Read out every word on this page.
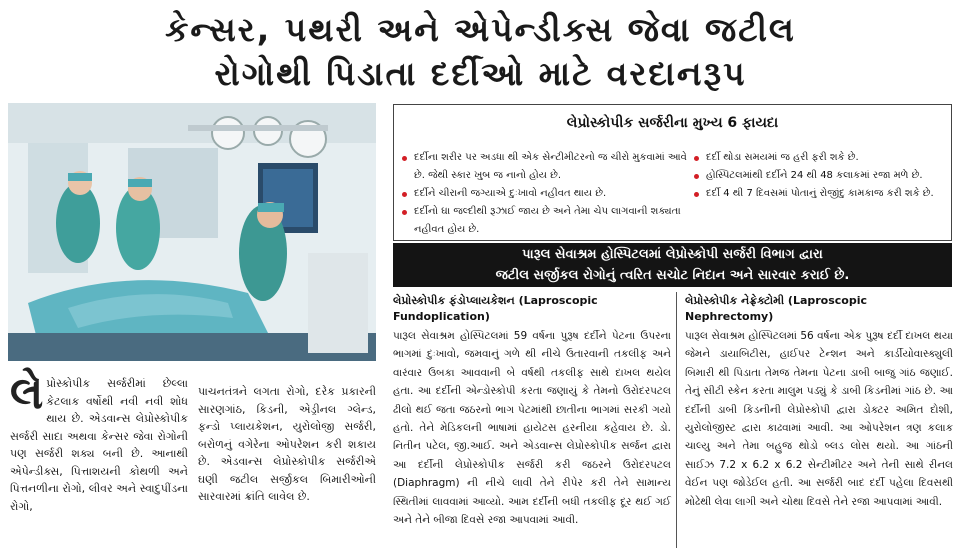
કેન્સર, પથરી અને એપેન્ડીક્સ જેવા જટીલ
રોગોથી પિડાતા દર્દીઓ માટે વરદાનરૂપ
લેપ્રોસ્કોપીક સર્જરીના મુખ્ય 6 ફાયદા
દર્દીના શરીર પર અડધા થી એક સેન્ટીમીટરનો જ ચીરો મુકવામાં આવે છે. જેથી સ્કાર ખુબ જ નાનો હોય છે.
દર્દીને ચીરાની જગ્યાએ દુઃખાવો નહીવત થાય છે.
દર્દીનો ઘા જલ્દીથી રૂઝાઈ જાય છે અને તેમા ચેપ લાગવાની શક્યતા નહીવત હોય છે.
દર્દી થોડા સમયમાં જ હરી ફરી શકે છે.
હોસ્પિટલમાંથી દર્દીને 24 થી 48 કલાકમાં રજા મળે છે.
દર્દી 4 થી 7 દિવસમાં પોતાનું રોજીંદુ કામકાજ કરી શકે છે.
પારૂલ સેવાશ્રમ હોસ્પિટલમાં લેપ્રોસ્કોપી સર્જરી વિભાગ દ્વારા
જટીલ સર્જીકલ રોગોનું ત્વરિત સચોટ નિદાન અને સારવાર કરાઈ છે.
લેપ્રોસ્કોપીક ફંડોપ્લાયકેશન (Laproscopic Fundoplication)
પારૂલ સેવાશ્રમ હોસ્પિટલમાં 59 વર્ષના પુરૂષ દર્દીને પેટના ઉપરના ભાગમાં દુઃખાવો, જમવાનું ગળે થી નીચે ઉતારવાની તકલીફ અને વારંવાર ઉબકા આવવાની બે વર્ષથી તકલીફ સાથે દાખલ થયેલ હતા. આ દર્દીની એન્ડોસ્કોપી કરતા જણાયું કે તેમનો ઉરોદરપટલ ઢીલો થઈ જતા જઠરનો ભાગ પેટમાંથી છાતીના ભાગમાં સરકી ગયો હતો. તેને મેડિકલની ભાષામાં હાયેટસ હરનીયા કહેવાય છે. ડો. નિતીન પટેલ, જી.આઈ. અને એડવાન્સ લેપ્રોસ્કોપીક સર્જન દ્વારા આ દર્દીની લેપ્રોસ્કોપીક સર્જરી કરી જઠરને ઉરોદરપટલ (Diaphragm) ની નીચે લાવી તેને રીપેર કરી તેને સામાન્ય સ્થિતીમાં લાવવામાં આવ્યો. આમ દર્દીની બધી તકલીફ દૂર થઈ ગઈ અને તેને બીજા દિવસે રજા આપવામાં આવી.
લેપ્રોસ્કોપીક નેફ્રેક્ટોમી (Laproscopic Nephrectomy)
પારૂલ સેવાશ્રમ હોસ્પિટલમાં 56 વર્ષના એક પુરૂષ દર્દી દાખલ થયા જેમને ડાયાબિટીસ, હાઈપર ટેન્શન અને કાર્ડીયોવાસ્ક્યુલી બિમારી થી પિડાતા તેમજ તેમના પેટના ડાબી બાજુ ગાંઠ જણાઈ. તેનું સીટી સ્કેન કરતા માલુમ પડ્યું કે ડાબી કિડનીમાં ગાંઠ છે. આ દર્દીની ડાબી કિડનીની લેપ્રોસ્કોપી દ્વારા ડોક્ટર અમિત દોશી, યુરોલોજીસ્ટ દ્વારા કાઢવામાં આવી. આ ઓપરેશન ત્રણ કલાક ચાલ્યુ અને તેમા બહુજ થોડો બ્લડ લોસ થયો. આ ગાંઠની સાઈઝ 7.2 x 6.2 x 6.2 સેન્ટીમીટર અને તેની સાથે રીનલ વેઈન પણ જોડેઈલ હતી. આ સર્જરી બાદ દર્દી પહેલા દિવસથી મોઢેથી લેવા લાગી અને ચોથા દિવસે તેને રજા આપવામાં આવી.
લેપ્રોસ્કોપીક સર્જરીમાં છેલ્લા કેટલાક વર્ષોથી નવી નવી શોધ થાય છે. એડવાન્સ લેપ્રોસ્કોપીક સર્જરી સાદા અથવા કેન્સર જેવા રોગોની પણ સર્જરી શક્ય બની છે. આનાથી એપેન્ડીક્સ, પિત્તાશયની કોથળી અને પિત્તનળીના રોગો, લીવર અને સ્વાદુપીંડના રોગો,
પાચનતંત્રને લગતા રોગો, દરેક પ્રકારની સારણગાંઠ, કિડની, એડ્રીનલ ગ્લેન્ડ, ફન્ડો પ્લાયકેશન, યુરોલોજી સર્જરી, બરોળનું વગેરેના ઓપરેશન કરી શકાય છે. એડવાન્સ લેપ્રોસ્કોપીક સર્જરીએ ઘણી જટીલ સર્જીકલ બિમારીઓની સારવારમાં ક્રાંતિ લાવેલ છે.
